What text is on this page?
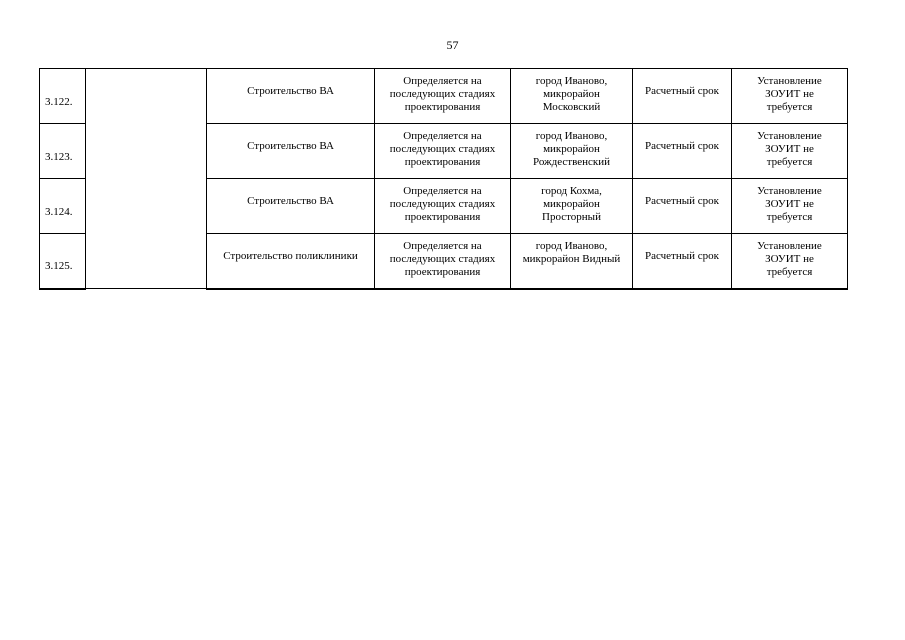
57
3.122.		Строительство ВА	Определяется на
последующих стадиях
проектирования	город Иваново,
микрорайон
Московский	Расчетный срок	Установление
ЗОУИТ не
требуется
3.123.		Строительство ВА	Определяется на
последующих стадиях
проектирования	город Иваново,
микрорайон
Рождественский	Расчетный срок	Установление
ЗОУИТ не
требуется
3.124.		Строительство ВА	Определяется на
последующих стадиях
проектирования	город Кохма,
микрорайон
Просторный	Расчетный срок	Установление
ЗОУИТ не
требуется
3.125.		Строительство поликлиники	Определяется на
последующих стадиях
проектирования	город Иваново,
микрорайон Видный	Расчетный срок	Установление
ЗОУИТ не
требуется
